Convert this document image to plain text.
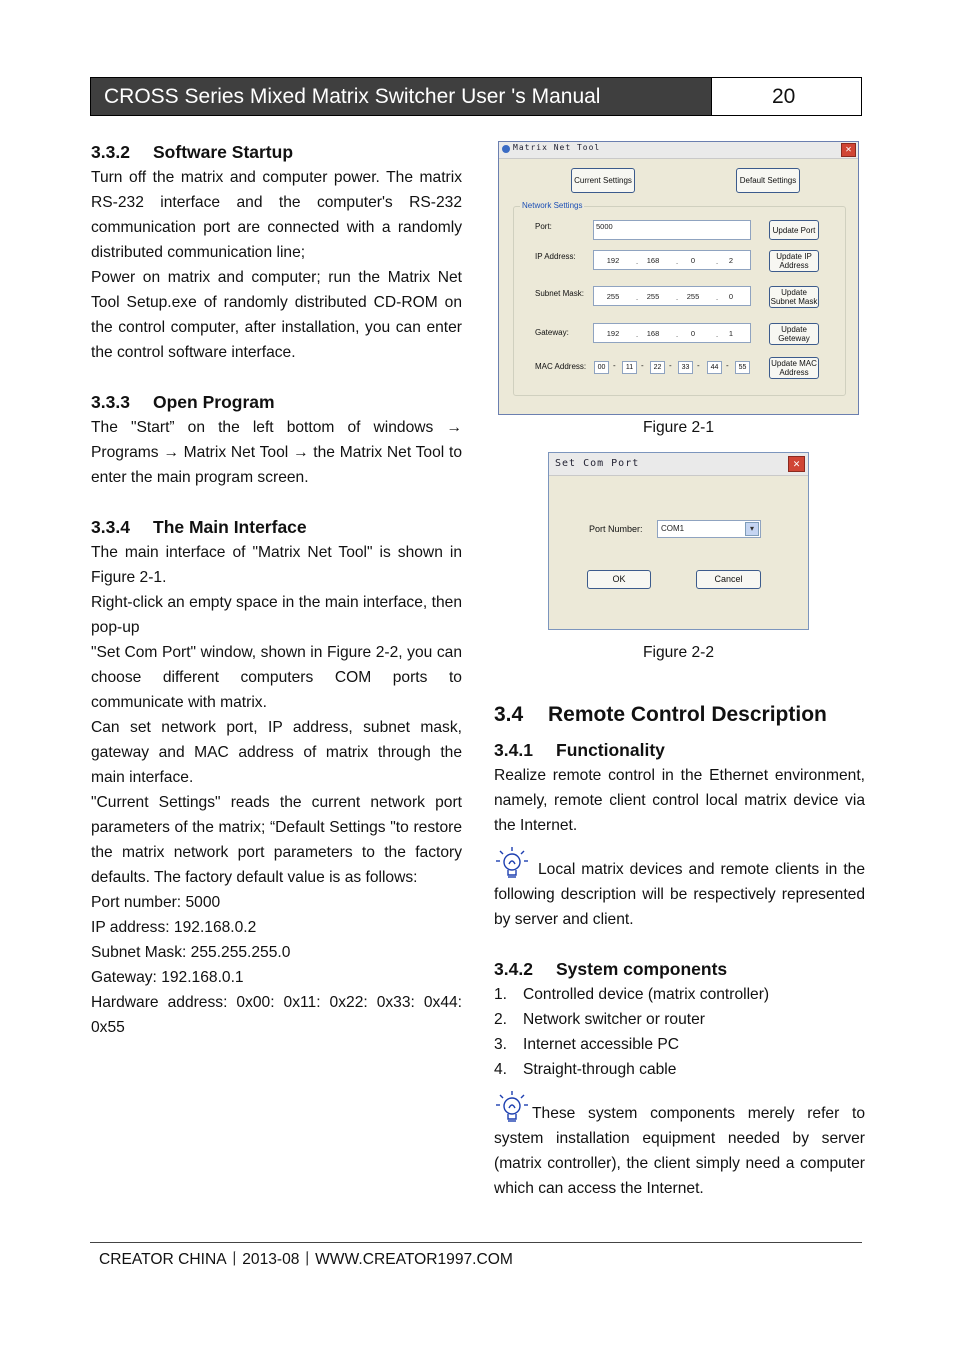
CROSS Series Mixed Matrix Switcher User 's Manual	20
3.3.2 Software Startup

Turn off the matrix and computer power. The matrix RS-232 interface and the computer's RS-232 communication port are connected with a randomly distributed communication line;

Power on matrix and computer; run the Matrix Net Tool Setup.exe of randomly distributed CD-ROM on the control computer, after installation, you can enter the control software interface.

3.3.3 Open Program

The "Start” on the left bottom of windows → Programs → Matrix Net Tool → the Matrix Net Tool to enter the main program screen.

3.3.4 The Main Interface

The main interface of "Matrix Net Tool" is shown in Figure 2-1.

Right-click an empty space in the main interface, then pop-up

"Set Com Port" window, shown in Figure 2-2, you can choose different computers COM ports to communicate with matrix.

Can set network port, IP address, subnet mask, gateway and MAC address of matrix through the main interface.

"Current Settings" reads the current network port parameters of the matrix; “Default Settings "to restore the matrix network port parameters to the factory defaults. The factory default value is as follows:

Port number: 5000

IP address: 192.168.0.2

Subnet Mask: 255.255.255.0

Gateway: 192.168.0.1

Hardware address: 0x00: 0x11: 0x22: 0x33: 0x44: 0x55

Matrix Net Tool	✕
Current Settings	Default Settings
Network Settings
Port:	5000	Update Port
IP Address:	192	.	168	.	0	.	2	Update IP Address
Subnet Mask:	255	.	255	.	255	.	0	Update Subnet Mask
Gateway:	192	.	168	.	0	.	1	Update Geteway
MAC Address:	00 -	11 -	22 -	33 -	44 -	55	Update MAC Address
Figure 2-1
Set Com Port	✕
Port Number:	COM1	▾
OK	Cancel
Figure 2-2
3.4 Remote Control Description
3.4.1 Functionality

Realize remote control in the Ethernet environment, namely, remote client control local matrix device via the Internet.

Local matrix devices and remote clients in the following description will be respectively represented by server and client.

3.4.2 System components
1. Controlled device (matrix controller)
2. Network switcher or router
3. Internet accessible PC
4. Straight-through cable

These system components merely refer to system installation equipment needed by server (matrix controller), the client simply need a computer which can access the Internet.

CREATOR CHINA丨2013-08丨WWW.CREATOR1997.COM
